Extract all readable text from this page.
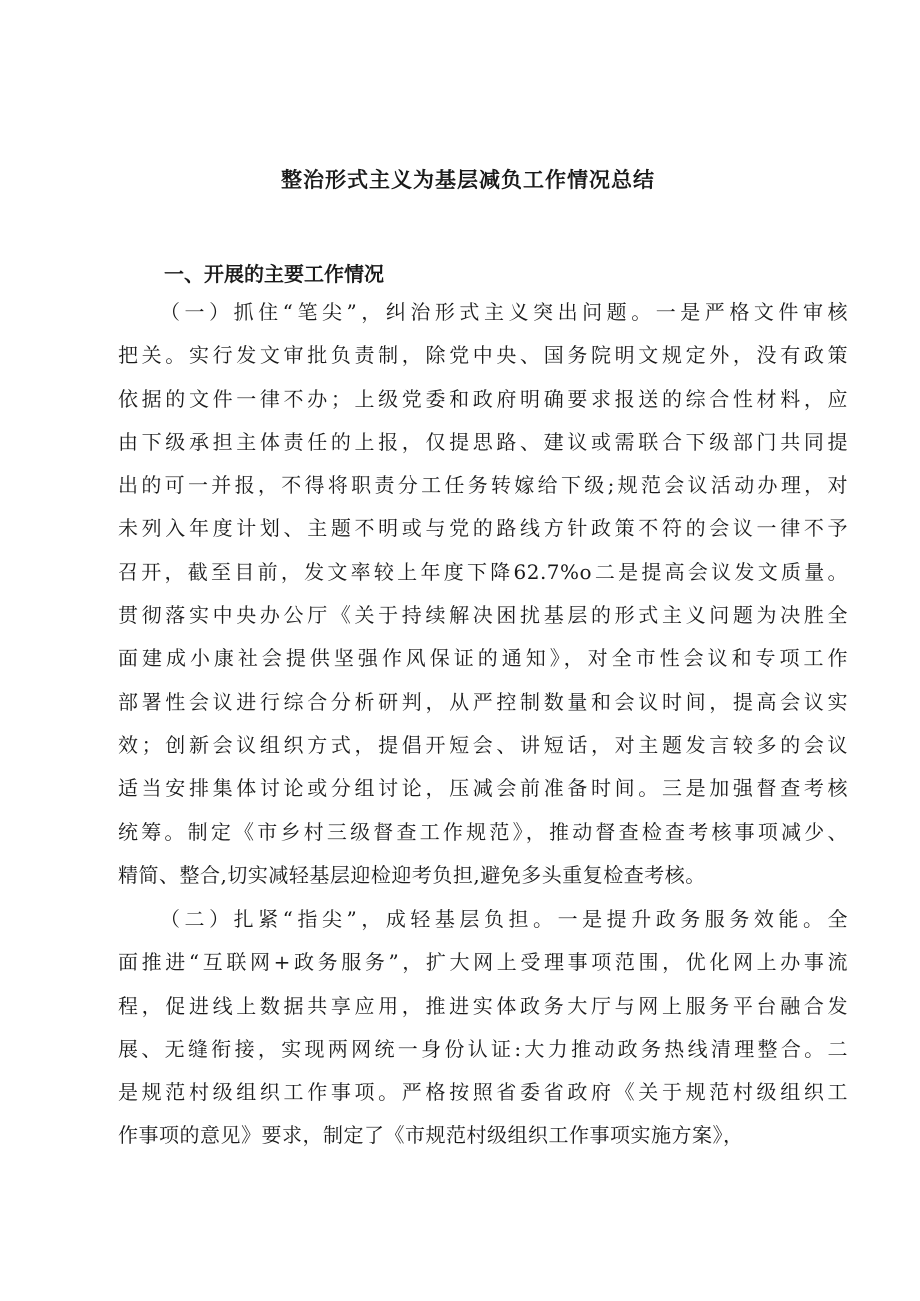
整治形式主义为基层减负工作情况总结
一、开展的主要工作情况
（一）抓住“笔尖”，纠治形式主义突出问题。一是严格文件审核
把关。实行发文审批负责制，除党中央、国务院明文规定外，没有政策
依据的文件一律不办；上级党委和政府明确要求报送的综合性材料，应
由下级承担主体责任的上报，仅提思路、建议或需联合下级部门共同提
出的可一并报，不得将职责分工任务转嫁给下级;规范会议活动办理，对
未列入年度计划、主题不明或与党的路线方针政策不符的会议一律不予
召开，截至目前，发文率较上年度下降62.7%o二是提高会议发文质量。
贯彻落实中央办公厅《关于持续解决困扰基层的形式主义问题为决胜全
面建成小康社会提供坚强作风保证的通知》，对全市性会议和专项工作
部署性会议进行综合分析研判，从严控制数量和会议时间，提高会议实
效；创新会议组织方式，提倡开短会、讲短话，对主题发言较多的会议
适当安排集体讨论或分组讨论，压减会前准备时间。三是加强督查考核
统筹。制定《市乡村三级督查工作规范》，推动督查检查考核事项减少、
精简、整合,切实减轻基层迎检迎考负担,避免多头重复检查考核。
（二）扎紧“指尖”，成轻基层负担。一是提升政务服务效能。全
面推进“互联网+政务服务”，扩大网上受理事项范围，优化网上办事流
程，促进线上数据共享应用，推进实体政务大厅与网上服务平台融合发
展、无缝衔接，实现两网统一身份认证:大力推动政务热线清理整合。二
是规范村级组织工作事项。严格按照省委省政府《关于规范村级组织工
作事项的意见》要求，制定了《市规范村级组织工作事项实施方案》，
